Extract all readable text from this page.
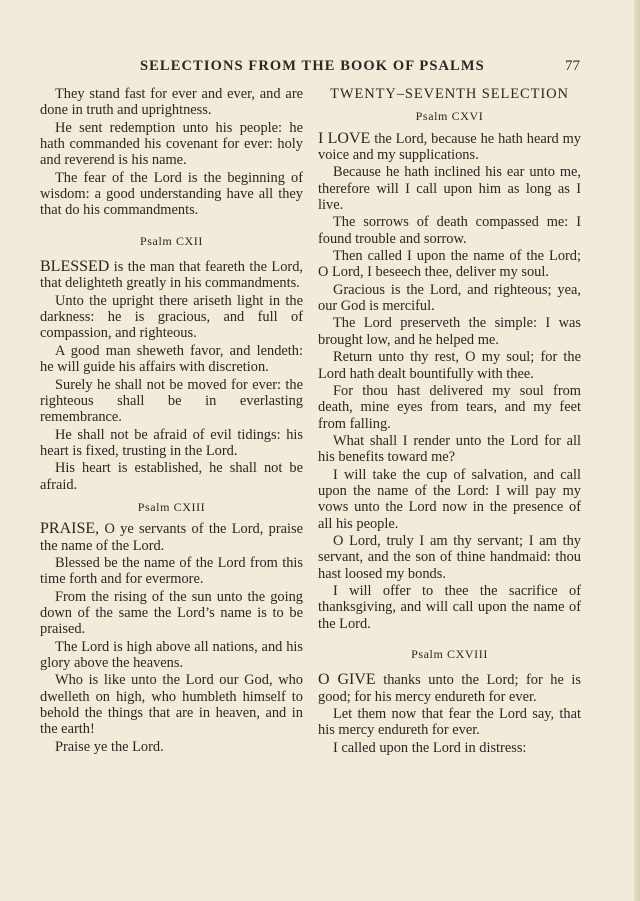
SELECTIONS FROM THE BOOK OF PSALMS	77

They stand fast for ever and ever, and are done in truth and uprightness.

He sent redemption unto his people: he hath commanded his covenant for ever: holy and reverend is his name.

The fear of the Lord is the beginning of wisdom: a good understanding have all they that do his commandments.

Psalm CXII

BLESSED is the man that feareth the Lord, that delighteth greatly in his commandments.

Unto the upright there ariseth light in the darkness: he is gracious, and full of compassion, and righteous.

A good man sheweth favor, and lendeth: he will guide his affairs with discretion.

Surely he shall not be moved for ever: the righteous shall be in everlasting remembrance.

He shall not be afraid of evil tidings: his heart is fixed, trusting in the Lord.

His heart is established, he shall not be afraid.

Psalm CXIII

PRAISE, O ye servants of the Lord, praise the name of the Lord.

Blessed be the name of the Lord from this time forth and for evermore.

From the rising of the sun unto the going down of the same the Lord’s name is to be praised.

The Lord is high above all nations, and his glory above the heavens.

Who is like unto the Lord our God, who dwelleth on high, who humbleth himself to behold the things that are in heaven, and in the earth!

Praise ye the Lord.

TWENTY–SEVENTH SELECTION
Psalm CXVI

I LOVE the Lord, because he hath heard my voice and my supplications.

Because he hath inclined his ear unto me, therefore will I call upon him as long as I live.

The sorrows of death compassed me: I found trouble and sorrow.

Then called I upon the name of the Lord; O Lord, I beseech thee, deliver my soul.

Gracious is the Lord, and righteous; yea, our God is merciful.

The Lord preserveth the simple: I was brought low, and he helped me.

Return unto thy rest, O my soul; for the Lord hath dealt bountifully with thee.

For thou hast delivered my soul from death, mine eyes from tears, and my feet from falling.

What shall I render unto the Lord for all his benefits toward me?

I will take the cup of salvation, and call upon the name of the Lord: I will pay my vows unto the Lord now in the presence of all his people.

O Lord, truly I am thy servant; I am thy servant, and the son of thine handmaid: thou hast loosed my bonds.

I will offer to thee the sacrifice of thanksgiving, and will call upon the name of the Lord.

Psalm CXVIII

O GIVE thanks unto the Lord; for he is good; for his mercy endureth for ever.

Let them now that fear the Lord say, that his mercy endureth for ever.

I called upon the Lord in distress:
